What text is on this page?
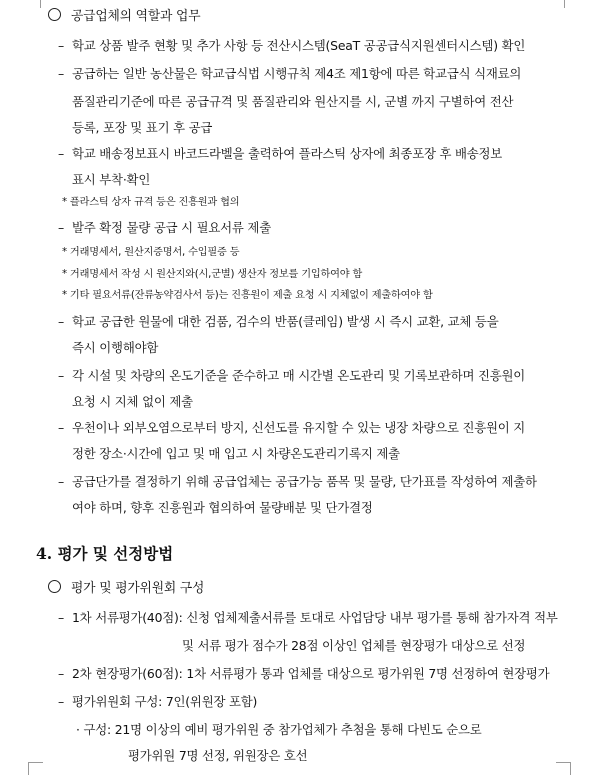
공급업체의 역할과 업무
– 학교 상품 발주 현황 및 추가 사항 등 전산시스템(SeaT 공공급식지원센터시스템) 확인
– 공급하는 일반 농산물은 학교급식법 시행규칙 제4조 제1항에 따른 학교급식 식재료의
품질관리기준에 따른 공급규격 및 품질관리와 원산지를 시, 군별 까지 구별하여 전산
등록, 포장 및 표기 후 공급
– 학교 배송정보표시 바코드라벨을 출력하여 플라스틱 상자에 최종포장 후 배송정보
표시 부착·확인
* 플라스틱 상자 규격 등은 진흥원과 협의
– 발주 확정 물량 공급 시 필요서류 제출
* 거래명세서, 원산지증명서, 수입필증 등
* 거래명세서 작성 시 원산지와(시,군별) 생산자 정보를 기입하여야 함
* 기타 필요서류(잔류농약검사서 등)는 진흥원이 제출 요청 시 지체없이 제출하여야 함
– 학교 공급한 원물에 대한 검품, 검수의 반품(클레임) 발생 시 즉시 교환, 교체 등을
즉시 이행해야함
– 각 시설 및 차량의 온도기준을 준수하고 매 시간별 온도관리 및 기록보관하며 진흥원이
요청 시 지체 없이 제출
– 우천이나 외부오염으로부터 방지, 신선도를 유지할 수 있는 냉장 차량으로 진흥원이 지
정한 장소·시간에 입고 및 매 입고 시 차량온도관리기록지 제출
– 공급단가를 결정하기 위해 공급업체는 공급가능 품목 및 물량, 단가표를 작성하여 제출하
여야 하며, 향후 진흥원과 협의하여 물량배분 및 단가결정
4. 평가 및 선정방법
평가 및 평가위원회 구성
– 1차 서류평가(40점): 신청 업체제출서류를 토대로 사업담당 내부 평가를 통해 참가자격 적부
및 서류 평가 점수가 28점 이상인 업체를 현장평가 대상으로 선정
– 2차 현장평가(60점): 1차 서류평가 통과 업체를 대상으로 평가위원 7명 선정하여 현장평가
– 평가위원회 구성: 7인(위원장 포함)
· 구성: 21명 이상의 예비 평가위원 중 참가업체가 추첨을 통해 다빈도 순으로
평가위원 7명 선정, 위원장은 호선
